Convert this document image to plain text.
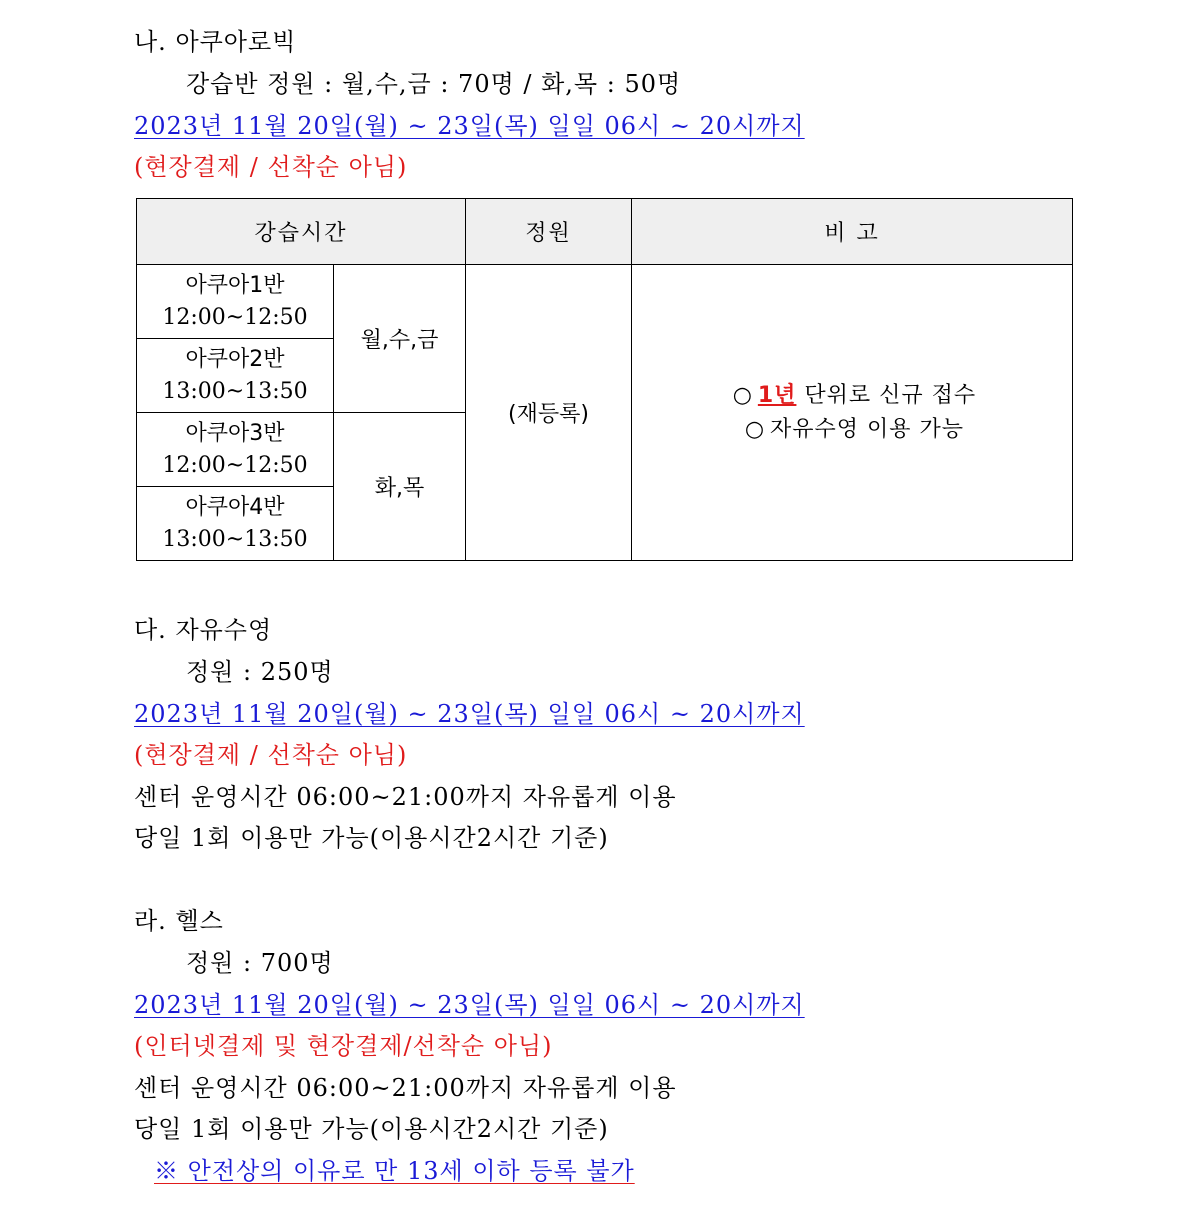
나. 아쿠아로빅
강습반 정원 : 월,수,금 : 70명 / 화,목 : 50명
2023년 11월 20일(월) ~ 23일(목) 일일 06시 ~ 20시까지
(현장결제 / 선착순 아님)
강습시간		정원	비 고

아쿠아1반
12:00~12:50	월,수,금	(재등록)	○ 1년 단위로 신규 접수
○ 자유수영 이용 가능

아쿠아2반
13:00~13:50			

아쿠아3반
12:00~12:50	화,목		

아쿠아4반
13:00~13:50			
다. 자유수영
정원 : 250명
2023년 11월 20일(월) ~ 23일(목) 일일 06시 ~ 20시까지
(현장결제 / 선착순 아님)
센터 운영시간 06:00~21:00까지 자유롭게 이용
당일 1회 이용만 가능(이용시간2시간 기준)
라. 헬스
정원 : 700명
2023년 11월 20일(월) ~ 23일(목) 일일 06시 ~ 20시까지
(인터넷결제 및 현장결제/선착순 아님)
센터 운영시간 06:00~21:00까지 자유롭게 이용
당일 1회 이용만 가능(이용시간2시간 기준)
※ 안전상의 이유로 만 13세 이하 등록 불가
